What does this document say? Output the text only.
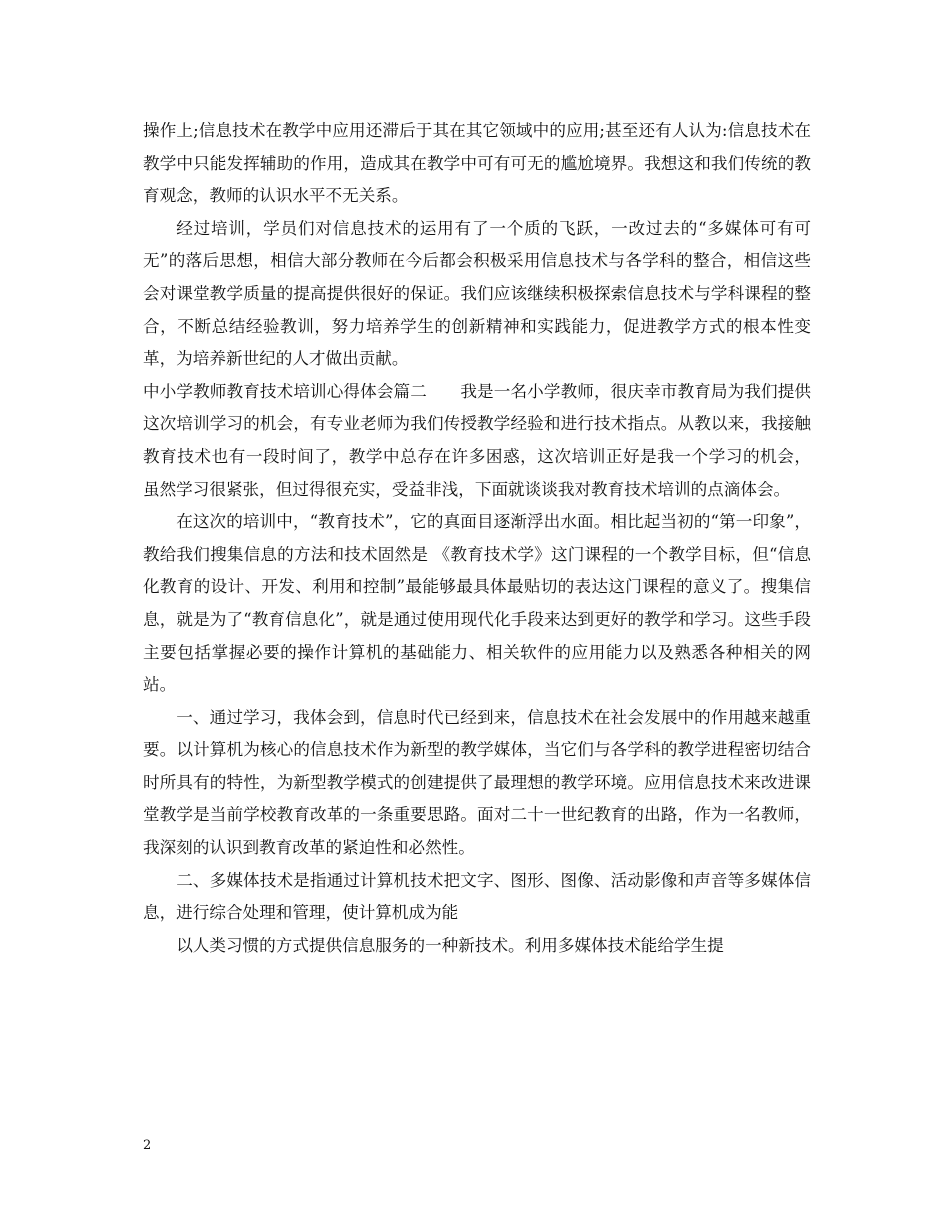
操作上;信息技术在教学中应用还滞后于其在其它领域中的应用;甚至还有人认为:信息技术在教学中只能发挥辅助的作用，造成其在教学中可有可无的尴尬境界。我想这和我们传统的教育观念，教师的认识水平不无关系。

经过培训，学员们对信息技术的运用有了一个质的飞跃，一改过去的“多媒体可有可无”的落后思想，相信大部分教师在今后都会积极采用信息技术与各学科的整合，相信这些会对课堂教学质量的提高提供很好的保证。我们应该继续积极探索信息技术与学科课程的整合，不断总结经验教训，努力培养学生的创新精神和实践能力，促进教学方式的根本性变革，为培养新世纪的人才做出贡献。

中小学教师教育技术培训心得体会篇二　　我是一名小学教师，很庆幸市教育局为我们提供这次培训学习的机会，有专业老师为我们传授教学经验和进行技术指点。从教以来，我接触教育技术也有一段时间了，教学中总存在许多困惑，这次培训正好是我一个学习的机会， 虽然学习很紧张，但过得很充实，受益非浅，下面就谈谈我对教育技术培训的点滴体会。

在这次的培训中，“教育技术”，它的真面目逐渐浮出水面。相比起当初的“第一印象”，教给我们搜集信息的方法和技术固然是 《教育技术学》这门课程的一个教学目标，但“信息化教育的设计、开发、利用和控制”最能够最具体最贴切的表达这门课程的意义了。搜集信息，就是为了“教育信息化”，就是通过使用现代化手段来达到更好的教学和学习。这些手段主要包括掌握必要的操作计算机的基础能力、相关软件的应用能力以及熟悉各种相关的网站。

一、通过学习，我体会到，信息时代已经到来，信息技术在社会发展中的作用越来越重要。以计算机为核心的信息技术作为新型的教学媒体，当它们与各学科的教学进程密切结合时所具有的特性，为新型教学模式的创建提供了最理想的教学环境。应用信息技术来改进课堂教学是当前学校教育改革的一条重要思路。面对二十一世纪教育的出路，作为一名教师，我深刻的认识到教育改革的紧迫性和必然性。

二、多媒体技术是指通过计算机技术把文字、图形、图像、活动影像和声音等多媒体信息，进行综合处理和管理，使计算机成为能

以人类习惯的方式提供信息服务的一种新技术。利用多媒体技术能给学生提

2
